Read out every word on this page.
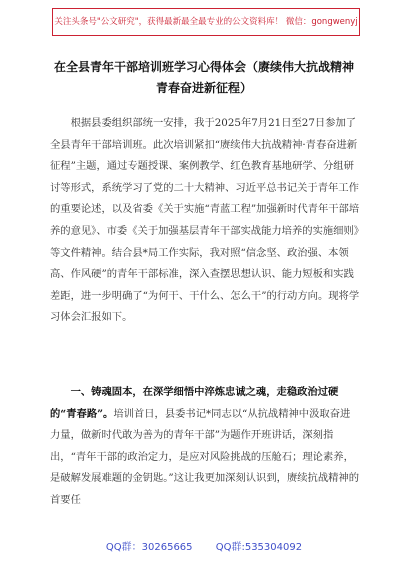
关注头条号"公文研究"，获得最新最全最专业的公文资料库！ 微信：gongwenyj
在全县青年干部培训班学习心得体会（赓续伟大抗战精神
青春奋进新征程）

根据县委组织部统一安排，我于2025年7月21日至27日参加了全县青年干部培训班。此次培训紧扣“赓续伟大抗战精神·青春奋进新征程”主题，通过专题授课、案例教学、红色教育基地研学、分组研讨等形式，系统学习了党的二十大精神、习近平总书记关于青年工作的重要论述，以及省委《关于实施“青蓝工程”加强新时代青年干部培养的意见》、市委《关于加强基层青年干部实战能力培养的实施细则》等文件精神。结合县*局工作实际，我对照“信念坚、政治强、本领高、作风硬”的青年干部标准，深入查摆思想认识、能力短板和实践差距，进一步明确了“为何干、干什么、怎么干”的行动方向。现将学习体会汇报如下。

一、铸魂固本，在深学细悟中淬炼忠诚之魂，走稳政治过硬的“青春路”。培训首日，县委书记*同志以“从抗战精神中汲取奋进力量，做新时代敢为善为的青年干部”为题作开班讲话，深刻指出，“青年干部的政治定力，是应对风险挑战的压舱石；理论素养，是破解发展难题的金钥匙。”这让我更加深刻认识到，赓续抗战精神的首要任

QQ群：30265665 QQ群:535304092
